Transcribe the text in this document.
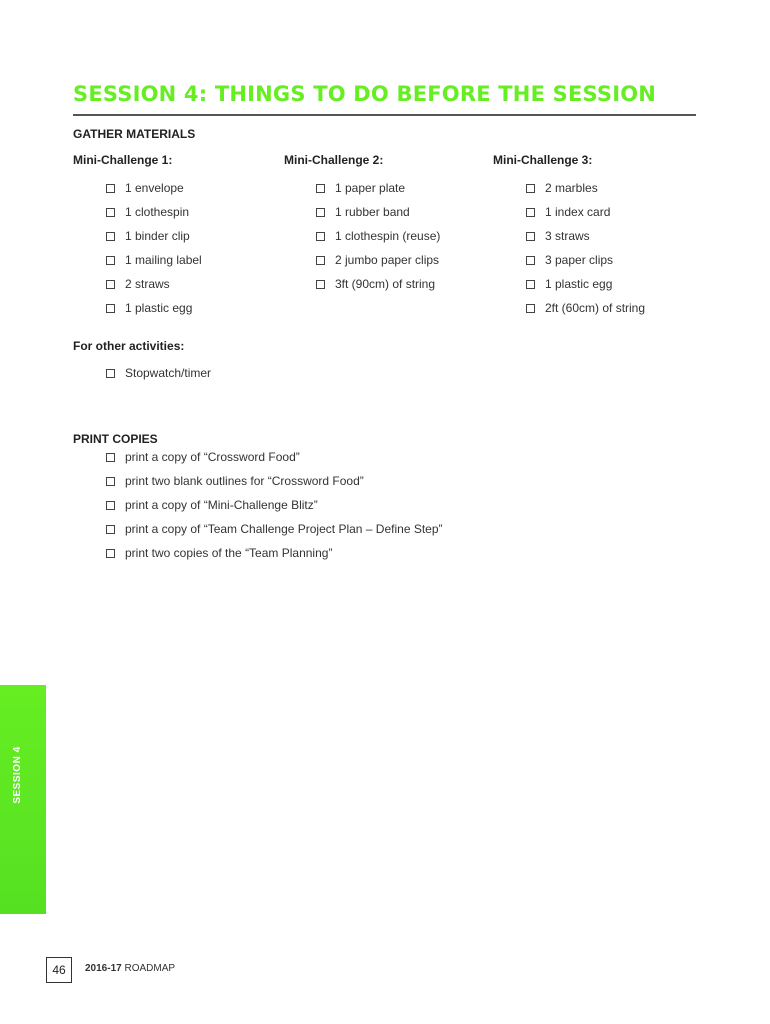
SESSION 4: THINGS TO DO BEFORE THE SESSION
GATHER MATERIALS
Mini-Challenge 1:	Mini-Challenge 2:	Mini-Challenge 3:
1 envelope
1 clothespin
1 binder clip
1 mailing label
2 straws
1 plastic egg
1 paper plate
1 rubber band
1 clothespin (reuse)
2 jumbo paper clips
3ft (90cm) of string
2 marbles
1 index card
3 straws
3 paper clips
1 plastic egg
2ft (60cm) of string
For other activities:
Stopwatch/timer
PRINT COPIES
print a copy of “Crossword Food”
print two blank outlines for “Crossword Food”
print a copy of “Mini-Challenge Blitz”
print a copy of “Team Challenge Project Plan – Define Step”
print two copies of the “Team Planning”
SESSION 4
46	2016-17 ROADMAP
